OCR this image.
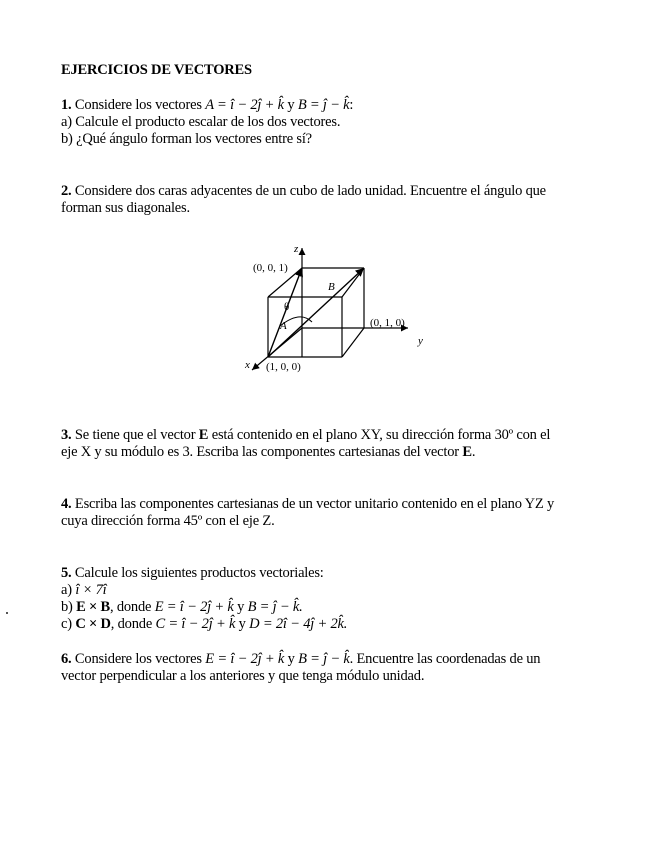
EJERCICIOS DE VECTORES
1. Considere los vectores A = î − 2ĵ + k̂ y B = ĵ − k̂:
a) Calcule el producto escalar de los dos vectores.
b) ¿Qué ángulo forman los vectores entre sí?
2. Considere dos caras adyacentes de un cubo de lado unidad. Encuentre el ángulo que
forman sus diagonales.
z
(0, 0, 1)
B
θ
A	(0, 1, 0)
y
x (1, 0, 0)
3. Se tiene que el vector E está contenido en el plano XY, su dirección forma 30º con el
eje X y su módulo es 3. Escriba las componentes cartesianas del vector E.
4. Escriba las componentes cartesianas de un vector unitario contenido en el plano YZ y
cuya dirección forma 45º con el eje Z.
5. Calcule los siguientes productos vectoriales:
a) î × 7î
b) E × B, donde E = î − 2ĵ + k̂ y B = ĵ − k̂.
c) C × D, donde C = î − 2ĵ + k̂ y D = 2î − 4ĵ + 2k̂.
6. Considere los vectores E = î − 2ĵ + k̂ y B = ĵ − k̂. Encuentre las coordenadas de un
vector perpendicular a los anteriores y que tenga módulo unidad.
